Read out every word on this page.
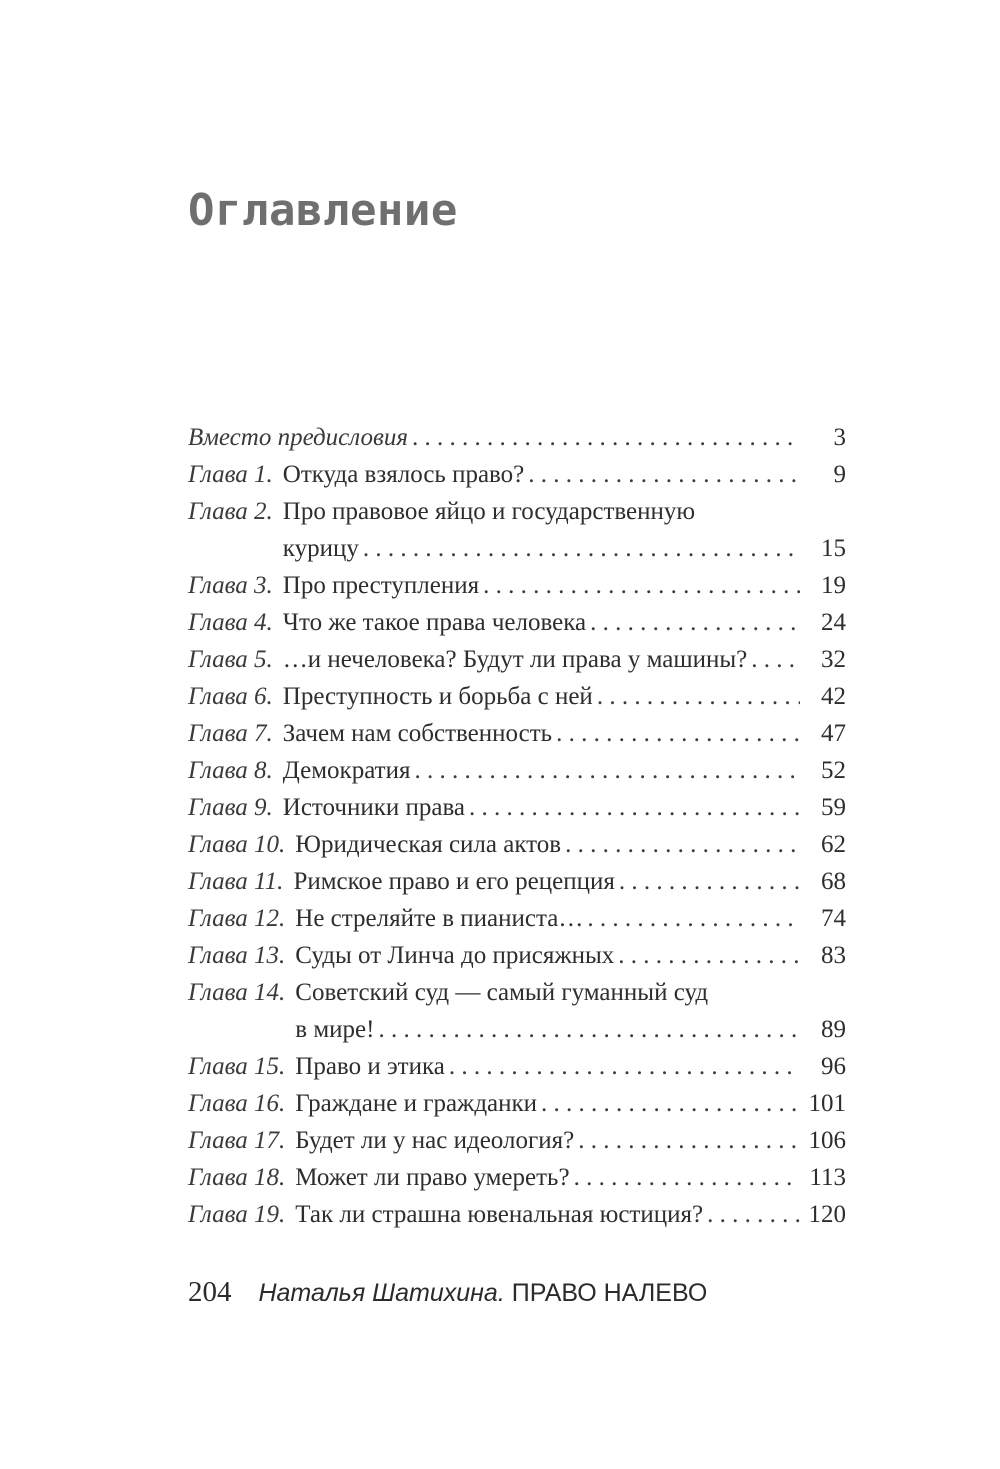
Оглавление
Вместо предисловия . . .	3
Глава 1. Откуда взялось право? . . .	9
Глава 2. Про правовое яйцо и государственную
курицу . . .	15
Глава 3. Про преступления . . .	19
Глава 4. Что же такое права человека . . .	24
Глава 5. …и нечеловека? Будут ли права у машины? . . .	32
Глава 6. Преступность и борьба с ней . . .	42
Глава 7. Зачем нам собственность . . .	47
Глава 8. Демократия . . .	52
Глава 9. Источники права . . .	59
Глава 10. Юридическая сила актов . . .	62
Глава 11. Римское право и его рецепция . . .	68
Глава 12. Не стреляйте в пианиста… . . .	74
Глава 13. Суды от Линча до присяжных . . .	83
Глава 14. Советский суд — самый гуманный суд
в мире! . . .	89
Глава 15. Право и этика . . .	96
Глава 16. Граждане и гражданки . . .	101
Глава 17. Будет ли у нас идеология? . . .	106
Глава 18. Может ли право умереть? . . .	113
Глава 19. Так ли страшна ювенальная юстиция? . . .	120
204 Наталья Шатихина. ПРАВО НАЛЕВО
